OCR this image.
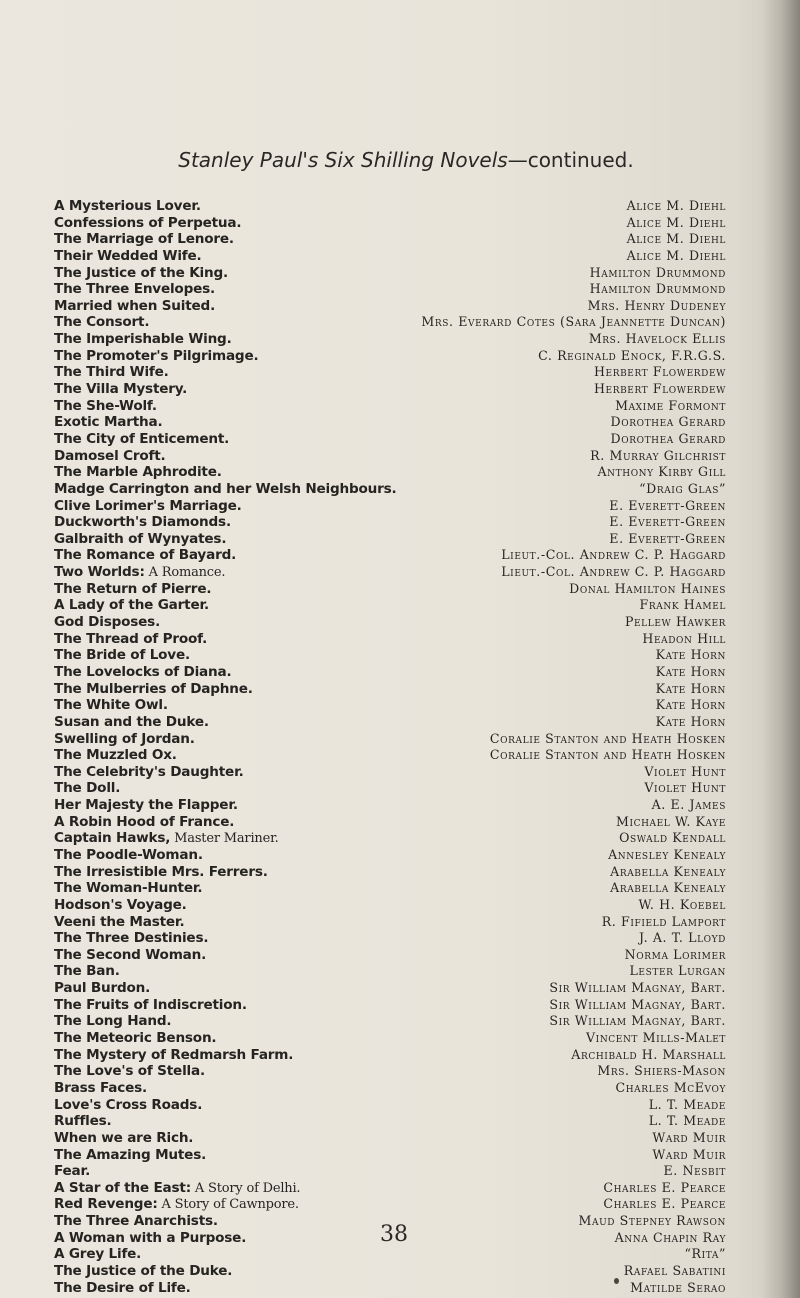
Stanley Paul's Six Shilling Novels—continued.
A Mysterious Lover.	Alice M. Diehl
Confessions of Perpetua.	Alice M. Diehl
The Marriage of Lenore.	Alice M. Diehl
Their Wedded Wife.	Alice M. Diehl
The Justice of the King.	Hamilton Drummond
The Three Envelopes.	Hamilton Drummond
Married when Suited.	Mrs. Henry Dudeney
The Consort.	Mrs. Everard Cotes (Sara Jeannette Duncan)
The Imperishable Wing.	Mrs. Havelock Ellis
The Promoter's Pilgrimage.	C. Reginald Enock, F.R.G.S.
The Third Wife.	Herbert Flowerdew
The Villa Mystery.	Herbert Flowerdew
The She-Wolf.	Maxime Formont
Exotic Martha.	Dorothea Gerard
The City of Enticement.	Dorothea Gerard
Damosel Croft.	R. Murray Gilchrist
The Marble Aphrodite.	Anthony Kirby Gill
Madge Carrington and her Welsh Neighbours.	“Draig Glas”
Clive Lorimer's Marriage.	E. Everett-Green
Duckworth's Diamonds.	E. Everett-Green
Galbraith of Wynyates.	E. Everett-Green
The Romance of Bayard.	Lieut.-Col. Andrew C. P. Haggard
Two Worlds: A Romance.	Lieut.-Col. Andrew C. P. Haggard
The Return of Pierre.	Donal Hamilton Haines
A Lady of the Garter.	Frank Hamel
God Disposes.	Pellew Hawker
The Thread of Proof.	Headon Hill
The Bride of Love.	Kate Horn
The Lovelocks of Diana.	Kate Horn
The Mulberries of Daphne.	Kate Horn
The White Owl.	Kate Horn
Susan and the Duke.	Kate Horn
Swelling of Jordan.	Coralie Stanton and Heath Hosken
The Muzzled Ox.	Coralie Stanton and Heath Hosken
The Celebrity's Daughter.	Violet Hunt
The Doll.	Violet Hunt
Her Majesty the Flapper.	A. E. James
A Robin Hood of France.	Michael W. Kaye
Captain Hawks, Master Mariner.	Oswald Kendall
The Poodle-Woman.	Annesley Kenealy
The Irresistible Mrs. Ferrers.	Arabella Kenealy
The Woman-Hunter.	Arabella Kenealy
Hodson's Voyage.	W. H. Koebel
Veeni the Master.	R. Fifield Lamport
The Three Destinies.	J. A. T. Lloyd
The Second Woman.	Norma Lorimer
The Ban.	Lester Lurgan
Paul Burdon.	Sir William Magnay, Bart.
The Fruits of Indiscretion.	Sir William Magnay, Bart.
The Long Hand.	Sir William Magnay, Bart.
The Meteoric Benson.	Vincent Mills-Malet
The Mystery of Redmarsh Farm.	Archibald H. Marshall
The Love's of Stella.	Mrs. Shiers-Mason
Brass Faces.	Charles McEvoy
Love's Cross Roads.	L. T. Meade
Ruffles.	L. T. Meade
When we are Rich.	Ward Muir
The Amazing Mutes.	Ward Muir
Fear.	E. Nesbit
A Star of the East: A Story of Delhi.	Charles E. Pearce
Red Revenge: A Story of Cawnpore.	Charles E. Pearce
The Three Anarchists.	Maud Stepney Rawson
A Woman with a Purpose.	Anna Chapin Ray
A Grey Life.	“Rita”
The Justice of the Duke.	Rafael Sabatini
The Desire of Life.	Matilde Serao
38
